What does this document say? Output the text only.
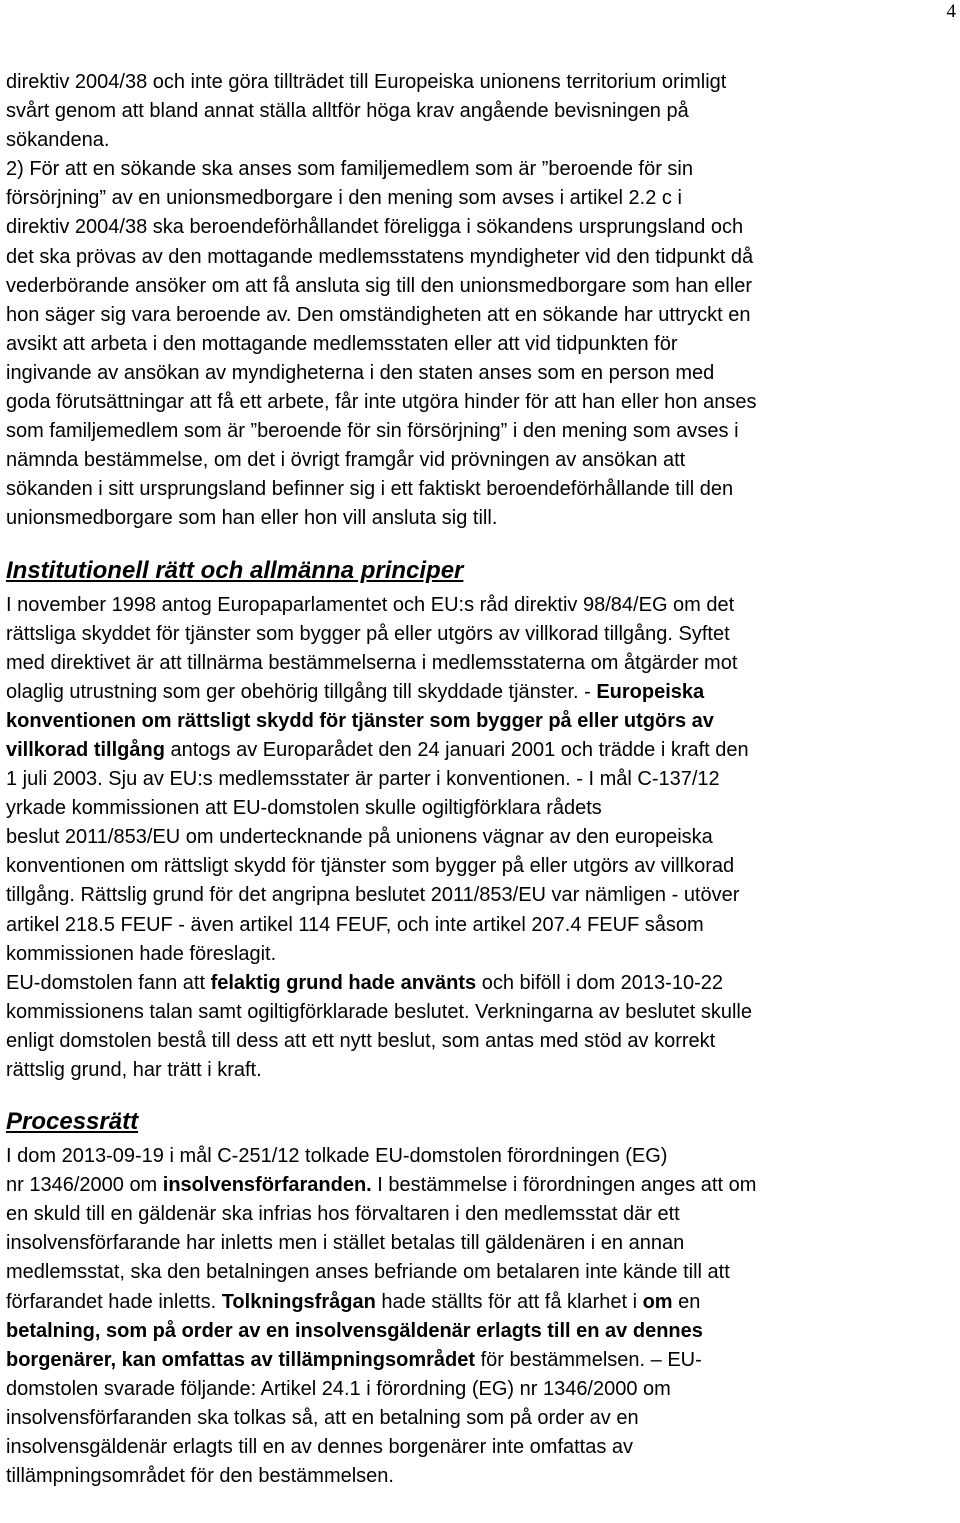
4
direktiv 2004/38 och inte göra tillträdet till Europeiska unionens territorium orimligt
svårt genom att bland annat ställa alltför höga krav angående bevisningen på
sökandena.
2) För att en sökande ska anses som familjemedlem som är ”beroende för sin
försörjning” av en unionsmedborgare i den mening som avses i artikel 2.2 c i
direktiv 2004/38 ska beroendeförhållandet föreligga i sökandens ursprungsland och
det ska prövas av den mottagande medlemsstatens myndigheter vid den tidpunkt då
vederbörande ansöker om att få ansluta sig till den unionsmedborgare som han eller
hon säger sig vara beroende av. Den omständigheten att en sökande har uttryckt en
avsikt att arbeta i den mottagande medlemsstaten eller att vid tidpunkten för
ingivande av ansökan av myndigheterna i den staten anses som en person med
goda förutsättningar att få ett arbete, får inte utgöra hinder för att han eller hon anses
som familjemedlem som är ”beroende för sin försörjning” i den mening som avses i
nämnda bestämmelse, om det i övrigt framgår vid prövningen av ansökan att
sökanden i sitt ursprungsland befinner sig i ett faktiskt beroendeförhållande till den
unionsmedborgare som han eller hon vill ansluta sig till.
Institutionell rätt och allmänna principer
I november 1998 antog Europaparlamentet och EU:s råd direktiv 98/84/EG om det
rättsliga skyddet för tjänster som bygger på eller utgörs av villkorad tillgång. Syftet
med direktivet är att tillnärma bestämmelserna i medlemsstaterna om åtgärder mot
olaglig utrustning som ger obehörig tillgång till skyddade tjänster. - Europeiska
konventionen om rättsligt skydd för tjänster som bygger på eller utgörs av
villkorad tillgång antogs av Europarådet den 24 januari 2001 och trädde i kraft den
1 juli 2003. Sju av EU:s medlemsstater är parter i konventionen. - I mål C‑137/12
yrkade kommissionen att EU-domstolen skulle ogiltigförklara rådets
beslut 2011/853/EU om undertecknande på unionens vägnar av den europeiska
konventionen om rättsligt skydd för tjänster som bygger på eller utgörs av villkorad
tillgång. Rättslig grund för det angripna beslutet 2011/853/EU var nämligen - utöver
artikel 218.5 FEUF - även artikel 114 FEUF, och inte artikel 207.4 FEUF såsom
kommissionen hade föreslagit.
EU-domstolen fann att felaktig grund hade använts och biföll i dom 2013-10-22
kommissionens talan samt ogiltigförklarade beslutet. Verkningarna av beslutet skulle
enligt domstolen bestå till dess att ett nytt beslut, som antas med stöd av korrekt
rättslig grund, har trätt i kraft.
Processrätt
I dom 2013-09-19 i mål C‑251/12 tolkade EU-domstolen förordningen (EG)
nr 1346/2000 om insolvensförfaranden. I bestämmelse i förordningen anges att om
en skuld till en gäldenär ska infrias hos förvaltaren i den medlemsstat där ett
insolvensförfarande har inletts men i stället betalas till gäldenären i en annan
medlemsstat, ska den betalningen anses befriande om betalaren inte kände till att
förfarandet hade inletts. Tolkningsfrågan hade ställts för att få klarhet i om en
betalning, som på order av en insolvensgäldenär erlagts till en av dennes
borgenärer, kan omfattas av tillämpningsområdet för bestämmelsen. – EU-
domstolen svarade följande: Artikel 24.1 i förordning (EG) nr 1346/2000 om
insolvensförfaranden ska tolkas så, att en betalning som på order av en
insolvensgäldenär erlagts till en av dennes borgenärer inte omfattas av
tillämpningsområdet för den bestämmelsen.
